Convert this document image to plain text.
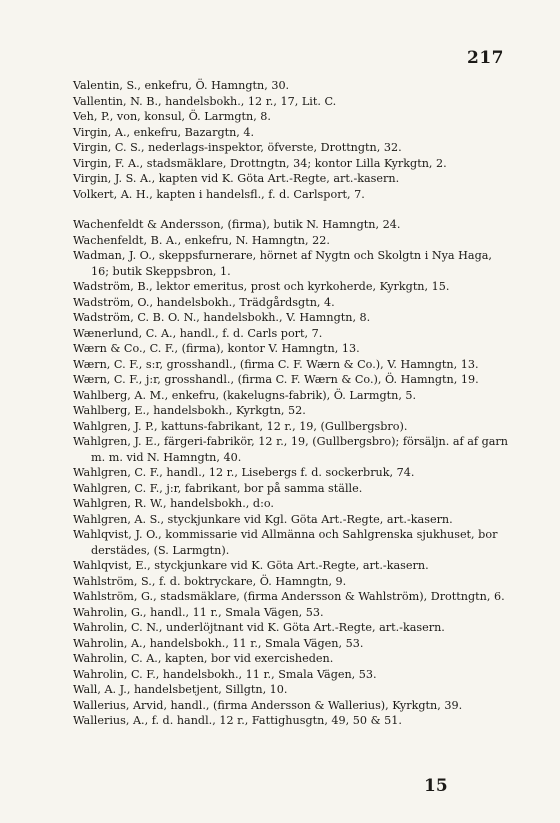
217
Valentin, S., enkefru, Ö. Hamngtn, 30.
Vallentin, N. B., handelsbokh., 12 r., 17, Lit. C.
Veh, P., von, konsul, Ö. Larmgtn, 8.
Virgin, A., enkefru, Bazargtn, 4.
Virgin, C. S., nederlags-inspektor, öfverste, Drottngtn, 32.
Virgin, F. A., stadsmäklare, Drottngtn, 34; kontor Lilla Kyrkgtn, 2.
Virgin, J. S. A., kapten vid K. Göta Art.-Regte, art.-kasern.
Volkert, A. H., kapten i handelsfl., f. d. Carlsport, 7.
Wachenfeldt & Andersson, (firma), butik N. Hamngtn, 24.
Wachenfeldt, B. A., enkefru, N. Hamngtn, 22.
Wadman, J. O., skeppsfurnerare, hörnet af Nygtn och Skolgtn i Nya Haga, 16; butik Skeppsbron, 1.
Wadström, B., lektor emeritus, prost och kyrkoherde, Kyrkgtn, 15.
Wadström, O., handelsbokh., Trädgårdsgtn, 4.
Wadström, C. B. O. N., handelsbokh., V. Hamngtn, 8.
Wænerlund, C. A., handl., f. d. Carls port, 7.
Wærn & Co., C. F., (firma), kontor V. Hamngtn, 13.
Wærn, C. F., s:r, grosshandl., (firma C. F. Wærn & Co.), V. Hamngtn, 13.
Wærn, C. F., j:r, grosshandl., (firma C. F. Wærn & Co.), Ö. Hamngtn, 19.
Wahlberg, A. M., enkefru, (kakelugns-fabrik), Ö. Larmgtn, 5.
Wahlberg, E., handelsbokh., Kyrkgtn, 52.
Wahlgren, J. P., kattuns-fabrikant, 12 r., 19, (Gullbergsbro).
Wahlgren, J. E., färgeri-fabrikör, 12 r., 19, (Gullbergsbro); försäljn. af af garn m. m. vid N. Hamngtn, 40.
Wahlgren, C. F., handl., 12 r., Lisebergs f. d. sockerbruk, 74.
Wahlgren, C. F., j:r, fabrikant, bor på samma ställe.
Wahlgren, R. W., handelsbokh., d:o.
Wahlgren, A. S., styckjunkare vid Kgl. Göta Art.-Regte, art.-kasern.
Wahlqvist, J. O., kommissarie vid Allmänna och Sahlgrenska sjukhuset, bor derstädes, (S. Larmgtn).
Wahlqvist, E., styckjunkare vid K. Göta Art.-Regte, art.-kasern.
Wahlström, S., f. d. boktryckare, Ö. Hamngtn, 9.
Wahlström, G., stadsmäklare, (firma Andersson & Wahlström), Drottngtn, 6.
Wahrolin, G., handl., 11 r., Smala Vägen, 53.
Wahrolin, C. N., underlöjtnant vid K. Göta Art.-Regte, art.-kasern.
Wahrolin, A., handelsbokh., 11 r., Smala Vägen, 53.
Wahrolin, C. A., kapten, bor vid exercisheden.
Wahrolin, C. F., handelsbokh., 11 r., Smala Vägen, 53.
Wall, A. J., handelsbetjent, Sillgtn, 10.
Wallerius, Arvid, handl., (firma Andersson & Wallerius), Kyrkgtn, 39.
Wallerius, A., f. d. handl., 12 r., Fattighusgtn, 49, 50 & 51.
15
